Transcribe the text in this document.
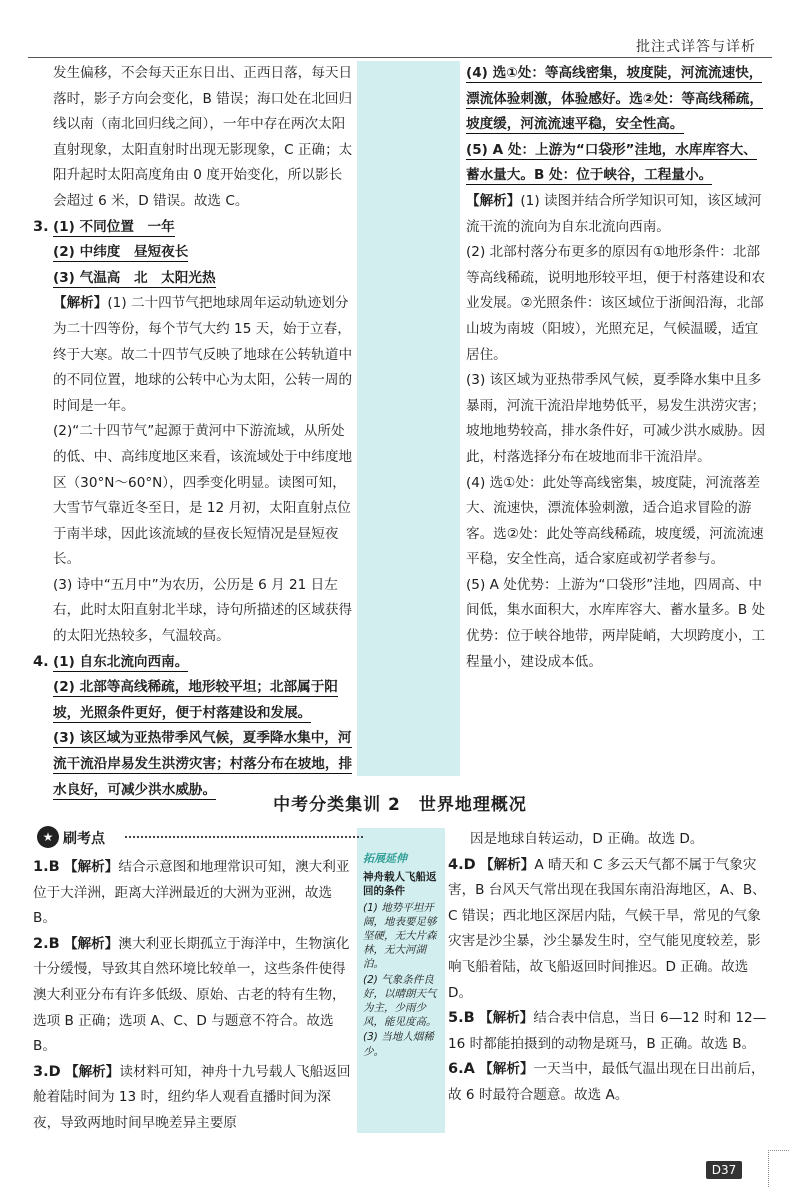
批注式详答与详析

发生偏移，不会每天正东日出、正西日落，每天日落时，影子方向会变化，B 错误；海口处在北回归线以南（南北回归线之间），一年中存在两次太阳直射现象，太阳直射时出现无影现象，C 正确；太阳升起时太阳高度角由 0 度开始变化，所以影长会超过 6 米，D 错误。故选 C。

3. (1) 不同位置　一年

(2) 中纬度　昼短夜长

(3) 气温高　北　太阳光热

【解析】(1) 二十四节气把地球周年运动轨迹划分为二十四等份，每个节气大约 15 天，始于立春，终于大寒。故二十四节气反映了地球在公转轨道中的不同位置，地球的公转中心为太阳，公转一周的时间是一年。

(2)“二十四节气”起源于黄河中下游流域，从所处的低、中、高纬度地区来看，该流域处于中纬度地区（30°N～60°N），四季变化明显。读图可知，大雪节气靠近冬至日，是 12 月初，太阳直射点位于南半球，因此该流域的昼夜长短情况是昼短夜长。

(3) 诗中“五月中”为农历，公历是 6 月 21 日左右，此时太阳直射北半球，诗句所描述的区域获得的太阳光热较多，气温较高。

4. (1) 自东北流向西南。

(2) 北部等高线稀疏，地形较平坦；北部属于阳坡，光照条件更好，便于村落建设和发展。

(3) 该区域为亚热带季风气候，夏季降水集中，河流干流沿岸易发生洪涝灾害；村落分布在坡地，排水良好，可减少洪水威胁。

(4) 选①处：等高线密集，坡度陡，河流流速快，漂流体验刺激，体验感好。选②处：等高线稀疏，坡度缓，河流流速平稳，安全性高。

(5) A 处：上游为“口袋形”洼地，水库库容大、蓄水量大。B 处：位于峡谷，工程量小。

【解析】(1) 读图并结合所学知识可知，该区域河流干流的流向为自东北流向西南。

(2) 北部村落分布更多的原因有①地形条件：北部等高线稀疏，说明地形较平坦，便于村落建设和农业发展。②光照条件：该区域位于浙闽沿海，北部山坡为南坡（阳坡），光照充足，气候温暖，适宜居住。

(3) 该区域为亚热带季风气候，夏季降水集中且多暴雨，河流干流沿岸地势低平，易发生洪涝灾害；坡地地势较高，排水条件好，可减少洪水威胁。因此，村落选择分布在坡地而非干流沿岸。

(4) 选①处：此处等高线密集，坡度陡，河流落差大、流速快，漂流体验刺激，适合追求冒险的游客。选②处：此处等高线稀疏，坡度缓，河流流速平稳，安全性高，适合家庭或初学者参与。

(5) A 处优势：上游为“口袋形”洼地，四周高、中间低，集水面积大，水库库容大、蓄水量多。B 处优势：位于峡谷地带，两岸陡峭，大坝跨度小，工程量小，建设成本低。

中考分类集训 2　世界地理概况
★ 刷考点

1.B 【解析】结合示意图和地理常识可知，澳大利亚位于大洋洲，距离大洋洲最近的大洲为亚洲，故选 B。

2.B 【解析】澳大利亚长期孤立于海洋中，生物演化十分缓慢，导致其自然环境比较单一，这些条件使得澳大利亚分布有许多低级、原始、古老的特有生物，选项 B 正确；选项 A、C、D 与题意不符合。故选 B。

3.D 【解析】读材料可知，神舟十九号载人飞船返回舱着陆时间为 13 时，纽约华人观看直播时间为深夜，导致两地时间早晚差异主要原

拓展延伸
神舟载人飞船返回的条件
(1) 地势平坦开阔，地表要足够坚硬，无大片森林，无大河湖泊。
(2) 气象条件良好，以晴朗天气为主，少雨少风，能见度高。
(3) 当地人烟稀少。

因是地球自转运动，D 正确。故选 D。

4.D 【解析】A 晴天和 C 多云天气都不属于气象灾害，B 台风天气常出现在我国东南沿海地区，A、B、C 错误；西北地区深居内陆，气候干旱，常见的气象灾害是沙尘暴，沙尘暴发生时，空气能见度较差，影响飞船着陆，故飞船返回时间推迟。D 正确。故选 D。

5.B 【解析】结合表中信息，当日 6—12 时和 12—16 时都能拍摄到的动物是斑马，B 正确。故选 B。

6.A 【解析】一天当中，最低气温出现在日出前后，故 6 时最符合题意。故选 A。

D37
